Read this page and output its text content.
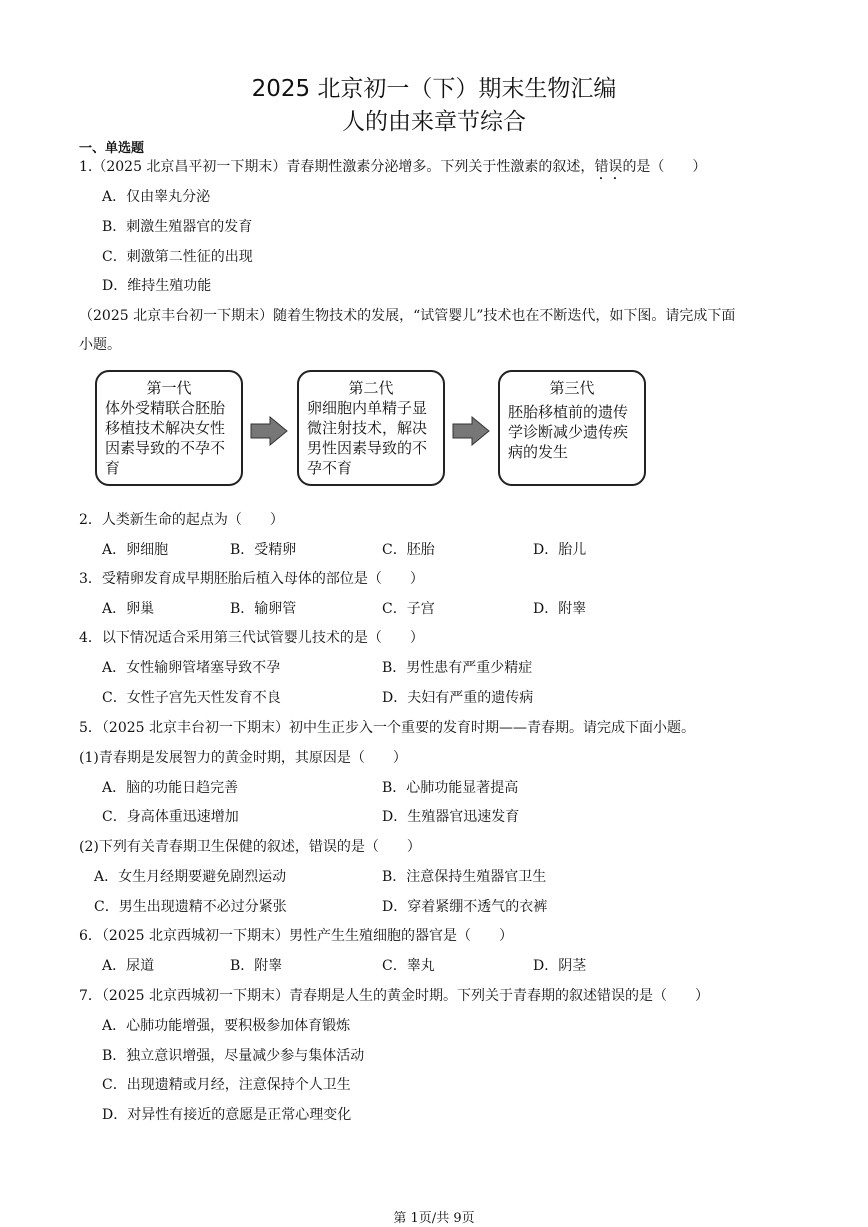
2025 北京初一（下）期末生物汇编
人的由来章节综合
一、单选题
1.（2025 北京昌平初一下期末）青春期性激素分泌增多。下列关于性激素的叙述，错误的是（　　）
A．仅由睾丸分泌
B．刺激生殖器官的发育
C．刺激第二性征的出现
D．维持生殖功能
（2025 北京丰台初一下期末）随着生物技术的发展，“试管婴儿”技术也在不断迭代，如下图。请完成下面
小题。
第一代
体外受精联合胚胎移植技术解决女性因素导致的不孕不育
第二代
卵细胞内单精子显微注射技术，解决男性因素导致的不孕不育
第三代
胚胎移植前的遗传学诊断减少遗传疾病的发生
2．人类新生命的起点为（　　）
A．卵细胞	B．受精卵	C．胚胎	D．胎儿
3．受精卵发育成早期胚胎后植入母体的部位是（　　）
A．卵巢	B．输卵管	C．子宫	D．附睾
4．以下情况适合采用第三代试管婴儿技术的是（　　）
A．女性输卵管堵塞导致不孕	B．男性患有严重少精症
C．女性子宫先天性发育不良	D．夫妇有严重的遗传病
5．（2025 北京丰台初一下期末）初中生正步入一个重要的发育时期——青春期。请完成下面小题。
(1)青春期是发展智力的黄金时期，其原因是（　　）
A．脑的功能日趋完善	B．心肺功能显著提高
C．身高体重迅速增加	D．生殖器官迅速发育
(2)下列有关青春期卫生保健的叙述，错误的是（　　）
A．女生月经期要避免剧烈运动	B．注意保持生殖器官卫生
C．男生出现遗精不必过分紧张	D．穿着紧绷不透气的衣裤
6．（2025 北京西城初一下期末）男性产生生殖细胞的器官是（　　）
A．尿道	B．附睾	C．睾丸	D．阴茎
7．（2025 北京西城初一下期末）青春期是人生的黄金时期。下列关于青春期的叙述错误的是（　　）
A．心肺功能增强，要积极参加体育锻炼
B．独立意识增强，尽量减少参与集体活动
C．出现遗精或月经，注意保持个人卫生
D．对异性有接近的意愿是正常心理变化
第 1页/共 9页
